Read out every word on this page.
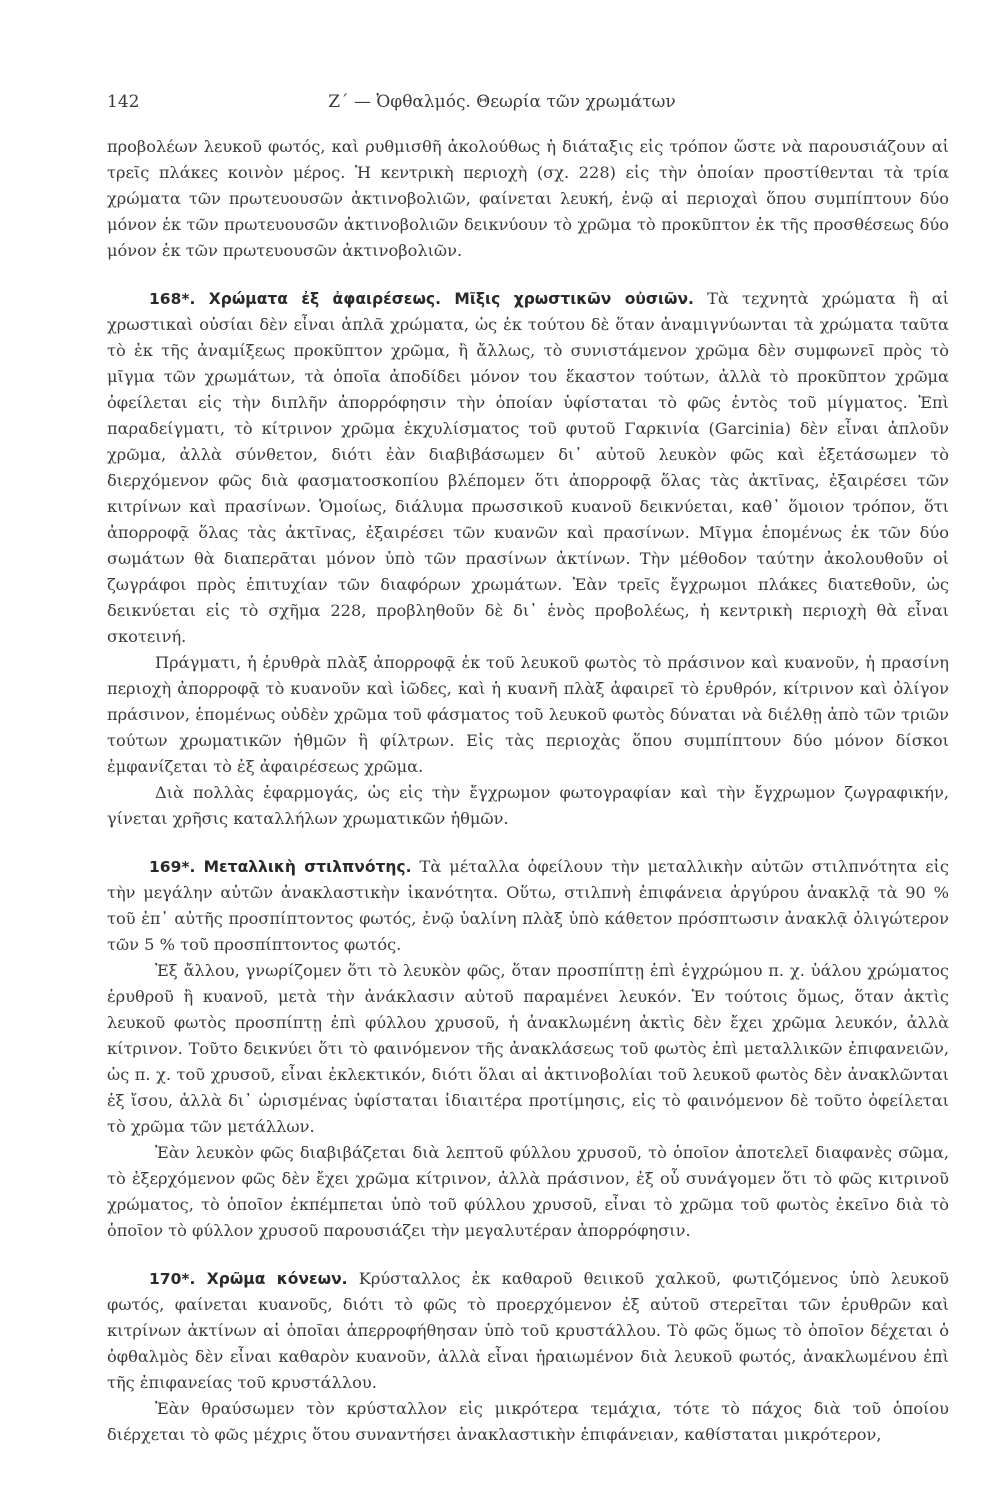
142	Ζ΄ — Ὀφθαλμός. Θεωρία τῶν χρωμάτων

προβολέων λευκοῦ φωτός, καὶ ρυθμισθῆ ἀκολούθως ἡ διάταξις εἰς τρόπον ὥστε νὰ παρουσιάζουν αἱ τρεῖς πλάκες κοινὸν μέρος. Ἡ κεντρικὴ περιοχὴ (σχ. 228) εἰς τὴν ὁποίαν προστίθενται τὰ τρία χρώματα τῶν πρωτευουσῶν ἀκτινοβολιῶν, φαίνεται λευκή, ἐνῷ αἱ περιοχαὶ ὅπου συμπίπτουν δύο μόνον ἐκ τῶν πρωτευουσῶν ἀκτινοβολιῶν δεικνύουν τὸ χρῶμα τὸ προκῦπτον ἐκ τῆς προσθέσεως δύο μόνον ἐκ τῶν πρωτευουσῶν ἀκτινοβολιῶν.

168*. Χρώματα ἐξ ἀφαιρέσεως. Μῖξις χρωστικῶν οὐσιῶν. Τὰ τεχνητὰ χρώματα ἢ αἱ χρωστικαὶ οὐσίαι δὲν εἶναι ἁπλᾶ χρώματα, ὡς ἐκ τούτου δὲ ὅταν ἀναμιγνύωνται τὰ χρώματα ταῦτα τὸ ἐκ τῆς ἀναμίξεως προκῦπτον χρῶμα, ἢ ἄλλως, τὸ συνιστάμενον χρῶμα δὲν συμφωνεῖ πρὸς τὸ μῖγμα τῶν χρωμάτων, τὰ ὁποῖα ἀποδίδει μόνον του ἕκαστον τούτων, ἀλλὰ τὸ προκῦπτον χρῶμα ὀφείλεται εἰς τὴν διπλῆν ἀπορρόφησιν τὴν ὁποίαν ὑφίσταται τὸ φῶς ἐντὸς τοῦ μίγματος. Ἐπὶ παραδείγματι, τὸ κίτρινον χρῶμα ἐκχυλίσματος τοῦ φυτοῦ Γαρκινία (Garcinia) δὲν εἶναι ἁπλοῦν χρῶμα, ἀλλὰ σύνθετον, διότι ἐὰν διαβιβάσωμεν δι᾽ αὐτοῦ λευκὸν φῶς καὶ ἐξετάσωμεν τὸ διερχόμενον φῶς διὰ φασματοσκοπίου βλέπομεν ὅτι ἀπορροφᾷ ὅλας τὰς ἀκτῖνας, ἐξαιρέσει τῶν κιτρίνων καὶ πρασίνων. Ὁμοίως, διάλυμα πρωσσικοῦ κυανοῦ δεικνύεται, καθ᾽ ὅμοιον τρόπον, ὅτι ἀπορροφᾷ ὅλας τὰς ἀκτῖνας, ἐξαιρέσει τῶν κυανῶν καὶ πρασίνων. Μῖγμα ἑπομένως ἐκ τῶν δύο σωμάτων θὰ διαπερᾶται μόνον ὑπὸ τῶν πρασίνων ἀκτίνων. Τὴν μέθοδον ταύτην ἀκολουθοῦν οἱ ζωγράφοι πρὸς ἐπιτυχίαν τῶν διαφόρων χρωμάτων. Ἐὰν τρεῖς ἔγχρωμοι πλάκες διατεθοῦν, ὡς δεικνύεται εἰς τὸ σχῆμα 228, προβληθοῦν δὲ δι᾽ ἑνὸς προβολέως, ἡ κεντρικὴ περιοχὴ θὰ εἶναι σκοτεινή.

Πράγματι, ἡ ἐρυθρὰ πλὰξ ἀπορροφᾷ ἐκ τοῦ λευκοῦ φωτὸς τὸ πράσινον καὶ κυανοῦν, ἡ πρασίνη περιοχὴ ἀπορροφᾷ τὸ κυανοῦν καὶ ἰῶδες, καὶ ἡ κυανῆ πλὰξ ἀφαιρεῖ τὸ ἐρυθρόν, κίτρινον καὶ ὀλίγον πράσινον, ἑπομένως οὐδὲν χρῶμα τοῦ φάσματος τοῦ λευκοῦ φωτὸς δύναται νὰ διέλθῃ ἀπὸ τῶν τριῶν τούτων χρωματικῶν ἠθμῶν ἢ φίλτρων. Εἰς τὰς περιοχὰς ὅπου συμπίπτουν δύο μόνον δίσκοι ἐμφανίζεται τὸ ἐξ ἀφαιρέσεως χρῶμα.

Διὰ πολλὰς ἐφαρμογάς, ὡς εἰς τὴν ἔγχρωμον φωτογραφίαν καὶ τὴν ἔγχρωμον ζωγραφικήν, γίνεται χρῆσις καταλλήλων χρωματικῶν ἠθμῶν.

169*. Μεταλλικὴ στιλπνότης. Τὰ μέταλλα ὀφείλουν τὴν μεταλλικὴν αὐτῶν στιλπνότητα εἰς τὴν μεγάλην αὐτῶν ἀνακλαστικὴν ἱκανότητα. Οὕτω, στιλπνὴ ἐπιφάνεια ἀργύρου ἀνακλᾷ τὰ 90 % τοῦ ἐπ᾽ αὐτῆς προσπίπτοντος φωτός, ἐνῷ ὑαλίνη πλὰξ ὑπὸ κάθετον πρόσπτωσιν ἀνακλᾷ ὀλιγώτερον τῶν 5 % τοῦ προσπίπτοντος φωτός.

Ἐξ ἄλλου, γνωρίζομεν ὅτι τὸ λευκὸν φῶς, ὅταν προσπίπτῃ ἐπὶ ἐγχρώμου π. χ. ὑάλου χρώματος ἐρυθροῦ ἢ κυανοῦ, μετὰ τὴν ἀνάκλασιν αὐτοῦ παραμένει λευκόν. Ἐν τούτοις ὅμως, ὅταν ἀκτὶς λευκοῦ φωτὸς προσπίπτῃ ἐπὶ φύλλου χρυσοῦ, ἡ ἀνακλωμένη ἀκτὶς δὲν ἔχει χρῶμα λευκόν, ἀλλὰ κίτρινον. Τοῦτο δεικνύει ὅτι τὸ φαινόμενον τῆς ἀνακλάσεως τοῦ φωτὸς ἐπὶ μεταλλικῶν ἐπιφανειῶν, ὡς π. χ. τοῦ χρυσοῦ, εἶναι ἐκλεκτικόν, διότι ὅλαι αἱ ἀκτινοβολίαι τοῦ λευκοῦ φωτὸς δὲν ἀνακλῶνται ἐξ ἴσου, ἀλλὰ δι᾽ ὡρισμένας ὑφίσταται ἰδιαιτέρα προτίμησις, εἰς τὸ φαινόμενον δὲ τοῦτο ὀφείλεται τὸ χρῶμα τῶν μετάλλων.

Ἐὰν λευκὸν φῶς διαβιβάζεται διὰ λεπτοῦ φύλλου χρυσοῦ, τὸ ὁποῖον ἀποτελεῖ διαφανὲς σῶμα, τὸ ἐξερχόμενον φῶς δὲν ἔχει χρῶμα κίτρινον, ἀλλὰ πράσινον, ἐξ οὗ συνάγομεν ὅτι τὸ φῶς κιτρινοῦ χρώματος, τὸ ὁποῖον ἐκπέμπεται ὑπὸ τοῦ φύλλου χρυσοῦ, εἶναι τὸ χρῶμα τοῦ φωτὸς ἐκεῖνο διὰ τὸ ὁποῖον τὸ φύλλον χρυσοῦ παρουσιάζει τὴν μεγαλυτέραν ἀπορρόφησιν.

170*. Χρῶμα κόνεων. Κρύσταλλος ἐκ καθαροῦ θειικοῦ χαλκοῦ, φωτιζόμενος ὑπὸ λευκοῦ φωτός, φαίνεται κυανοῦς, διότι τὸ φῶς τὸ προερχόμενον ἐξ αὐτοῦ στερεῖται τῶν ἐρυθρῶν καὶ κιτρίνων ἀκτίνων αἱ ὁποῖαι ἀπερροφήθησαν ὑπὸ τοῦ κρυστάλλου. Τὸ φῶς ὅμως τὸ ὁποῖον δέχεται ὁ ὀφθαλμὸς δὲν εἶναι καθαρὸν κυανοῦν, ἀλλὰ εἶναι ἠραιωμένον διὰ λευκοῦ φωτός, ἀνακλωμένου ἐπὶ τῆς ἐπιφανείας τοῦ κρυστάλλου.

Ἐὰν θραύσωμεν τὸν κρύσταλλον εἰς μικρότερα τεμάχια, τότε τὸ πάχος διὰ τοῦ ὁποίου διέρχεται τὸ φῶς μέχρις ὅτου συναντήσει ἀνακλαστικὴν ἐπιφάνειαν, καθίσταται μικρότερον,
